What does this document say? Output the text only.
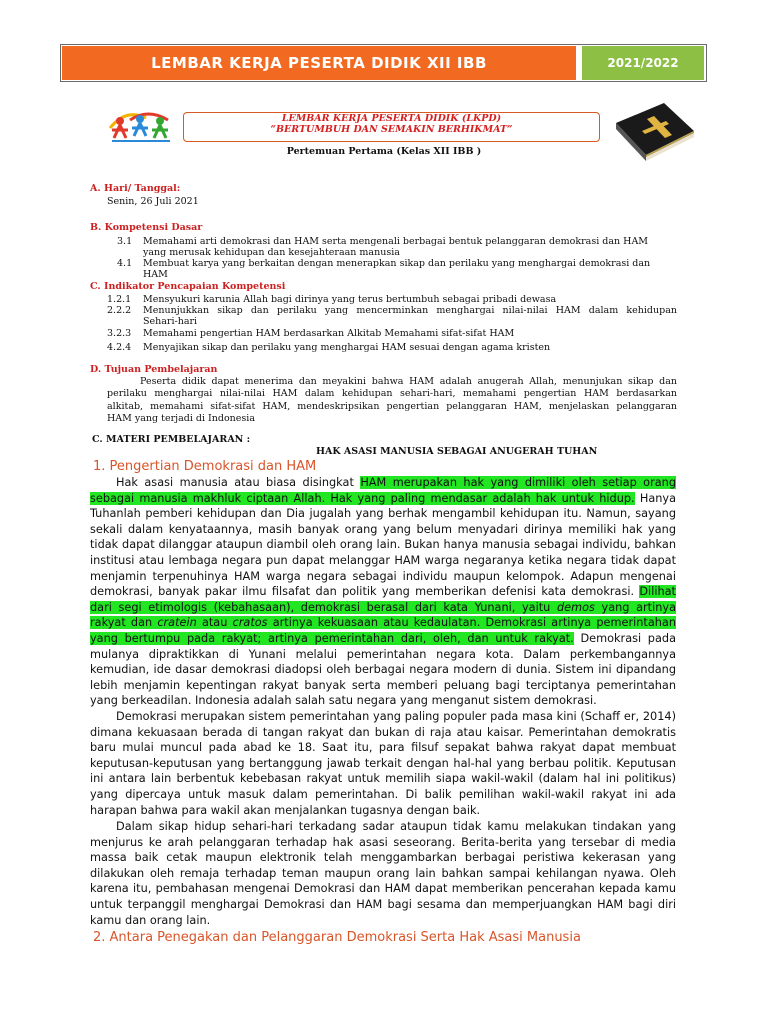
LEMBAR KERJA PESERTA DIDIK XII IBB	2021/2022
LEMBAR KERJA PESERTA DIDIK (LKPD)
“BERTUMBUH DAN SEMAKIN BERHIKMAT”
Pertemuan Pertama (Kelas XII IBB )
A. Hari/ Tanggal:
Senin, 26 Juli 2021
B. Kompetensi Dasar
3.1 Memahami arti demokrasi dan HAM serta mengenali berbagai bentuk pelanggaran demokrasi dan HAM
yang merusak kehidupan dan kesejahteraan manusia
4.1 Membuat karya yang berkaitan dengan menerapkan sikap dan perilaku yang menghargai demokrasi dan
HAM
C. Indikator Pencapaian Kompetensi
1.2.1 Mensyukuri karunia Allah bagi dirinya yang terus bertumbuh sebagai pribadi dewasa
2.2.2 Menunjukkan sikap dan perilaku yang mencerminkan menghargai nilai-nilai HAM dalam kehidupan
Sehari-hari
3.2.3 Memahami pengertian HAM berdasarkan Alkitab Memahami sifat-sifat HAM
4.2.4 Menyajikan sikap dan perilaku yang menghargai HAM sesuai dengan agama kristen
D. Tujuan Pembelajaran
Peserta didik dapat menerima dan meyakini bahwa HAM adalah anugerah Allah, menunjukan sikap dan
perilaku menghargai nilai-nilai HAM dalam kehidupan sehari-hari, memahami pengertian HAM berdasarkan
alkitab, memahami sifat-sifat HAM, mendeskripsikan pengertian pelanggaran HAM, menjelaskan pelanggaran
HAM yang terjadi di Indonesia
C. MATERI PEMBELAJARAN :
HAK ASASI MANUSIA SEBAGAI ANUGERAH TUHAN
1. Pengertian Demokrasi dan HAM
Hak asasi manusia atau biasa disingkat HAM merupakan hak yang dimiliki oleh setiap orang sebagai manusia makhluk ciptaan Allah. Hak yang paling mendasar adalah hak untuk hidup. Hanya Tuhanlah pemberi kehidupan dan Dia jugalah yang berhak mengambil kehidupan itu. Namun, sayang sekali dalam kenyataannya, masih banyak orang yang belum menyadari dirinya memiliki hak yang tidak dapat dilanggar ataupun diambil oleh orang lain. Bukan hanya manusia sebagai individu, bahkan institusi atau lembaga negara pun dapat melanggar HAM warga negaranya ketika negara tidak dapat menjamin terpenuhinya HAM warga negara sebagai individu maupun kelompok. Adapun mengenai demokrasi, banyak pakar ilmu filsafat dan politik yang memberikan defenisi kata demokrasi. Dilihat dari segi etimologis (kebahasaan), demokrasi berasal dari kata Yunani, yaitu demos yang artinya rakyat dan cratein atau cratos artinya kekuasaan atau kedaulatan. Demokrasi artinya pemerintahan yang bertumpu pada rakyat; artinya pemerintahan dari, oleh, dan untuk rakyat. Demokrasi pada mulanya dipraktikkan di Yunani melalui pemerintahan negara kota. Dalam perkembangannya kemudian, ide dasar demokrasi diadopsi oleh berbagai negara modern di dunia. Sistem ini dipandang lebih menjamin kepentingan rakyat banyak serta memberi peluang bagi terciptanya pemerintahan yang berkeadilan. Indonesia adalah salah satu negara yang menganut sistem demokrasi.
Demokrasi merupakan sistem pemerintahan yang paling populer pada masa kini (Schaff er, 2014) dimana kekuasaan berada di tangan rakyat dan bukan di raja atau kaisar. Pemerintahan demokratis baru mulai muncul pada abad ke 18. Saat itu, para filsuf sepakat bahwa rakyat dapat membuat keputusan-keputusan yang bertanggung jawab terkait dengan hal-hal yang berbau politik. Keputusan ini antara lain berbentuk kebebasan rakyat untuk memilih siapa wakil-wakil (dalam hal ini politikus) yang dipercaya untuk masuk dalam pemerintahan. Di balik pemilihan wakil-wakil rakyat ini ada harapan bahwa para wakil akan menjalankan tugasnya dengan baik.
Dalam sikap hidup sehari-hari terkadang sadar ataupun tidak kamu melakukan tindakan yang menjurus ke arah pelanggaran terhadap hak asasi seseorang. Berita-berita yang tersebar di media massa baik cetak maupun elektronik telah menggambarkan berbagai peristiwa kekerasan yang dilakukan oleh remaja terhadap teman maupun orang lain bahkan sampai kehilangan nyawa. Oleh karena itu, pembahasan mengenai Demokrasi dan HAM dapat memberikan pencerahan kepada kamu untuk terpanggil menghargai Demokrasi dan HAM bagi sesama dan memperjuangkan HAM bagi diri kamu dan orang lain.
2. Antara Penegakan dan Pelanggaran Demokrasi Serta Hak Asasi Manusia
